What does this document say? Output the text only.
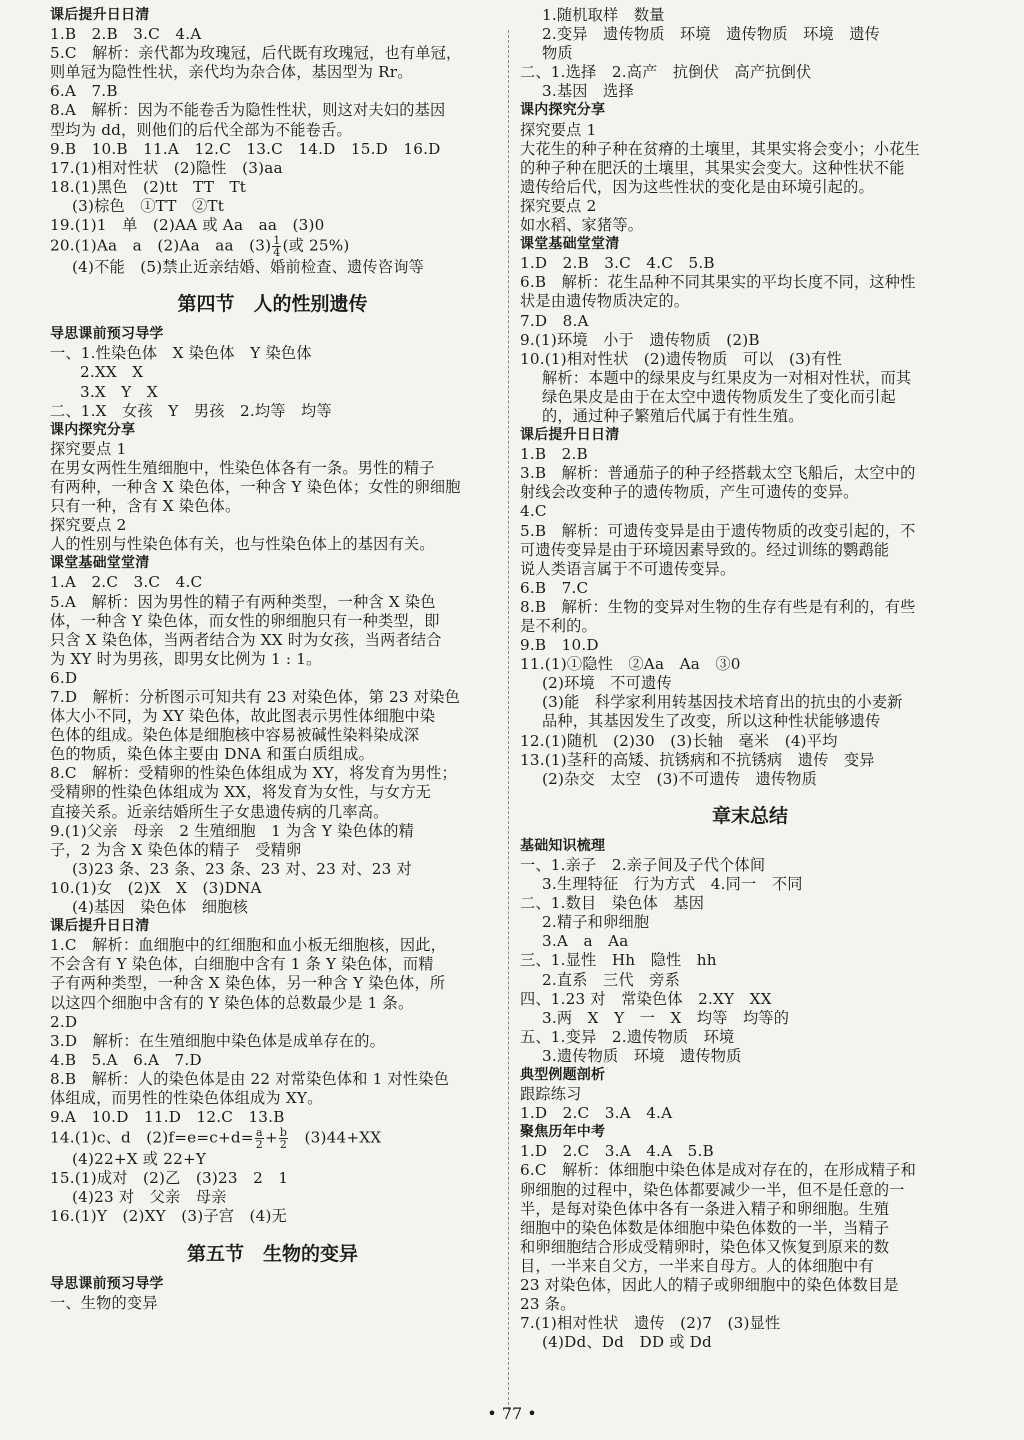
课后提升日日清
1.B　2.B　3.C　4.A
5.C　解析：亲代都为玫瑰冠，后代既有玫瑰冠，也有单冠，
则单冠为隐性性状，亲代均为杂合体，基因型为 Rr。
6.A　7.B
8.A　解析：因为不能卷舌为隐性性状，则这对夫妇的基因
型均为 dd，则他们的后代全部为不能卷舌。
9.B　10.B　11.A　12.C　13.C　14.D　15.D　16.D
17.(1)相对性状　(2)隐性　(3)aa
18.(1)黑色　(2)tt　TT　Tt
(3)棕色　①TT　②Tt
19.(1)1　单　(2)AA 或 Aa　aa　(3)0
20.(1)Aa　a　(2)Aa　aa　$(3) \frac{1}{4}$ (或 25%)
(4)不能　(5)禁止近亲结婚、婚前检查、遗传咨询等
第四节　人的性别遗传
导思课前预习导学
一、1.性染色体　X 染色体　Y 染色体
2.XX　X
3.X　Y　X
二、1.X　女孩　Y　男孩　2.均等　均等
课内探究分享
探究要点 1
在男女两性生殖细胞中，性染色体各有一条。男性的精子
有两种，一种含 X 染色体，一种含 Y 染色体；女性的卵细胞
只有一种，含有 X 染色体。
探究要点 2
人的性别与性染色体有关，也与性染色体上的基因有关。
课堂基础堂堂清
1.A　2.C　3.C　4.C
5.A　解析：因为男性的精子有两种类型，一种含 X 染色
体，一种含 Y 染色体，而女性的卵细胞只有一种类型，即
只含 X 染色体，当两者结合为 XX 时为女孩，当两者结合
为 XY 时为男孩，即男女比例为 1 : 1。
6.D
7.D　解析：分析图示可知共有 23 对染色体，第 23 对染色
体大小不同，为 XY 染色体，故此图表示男性体细胞中染
色体的组成。染色体是细胞核中容易被碱性染料染成深
色的物质，染色体主要由 DNA 和蛋白质组成。
8.C　解析：受精卵的性染色体组成为 XY，将发育为男性；
受精卵的性染色体组成为 XX，将发育为女性，与女方无
直接关系。近亲结婚所生子女患遗传病的几率高。
9.(1)父亲　母亲　2 生殖细胞　1 为含 Y 染色体的精
子，2 为含 X 染色体的精子　受精卵
(3)23 条、23 条、23 条、23 对、23 对、23 对
10.(1)女　(2)X　X　(3)DNA
(4)基因　染色体　细胞核
课后提升日日清
1.C　解析：血细胞中的红细胞和血小板无细胞核，因此，
不会含有 Y 染色体，白细胞中含有 1 条 Y 染色体，而精
子有两种类型，一种含 X 染色体，另一种含 Y 染色体，所
以这四个细胞中含有的 Y 染色体的总数最少是 1 条。
2.D
3.D　解析：在生殖细胞中染色体是成单存在的。
4.B　5.A　6.A　7.D
8.B　解析：人的染色体是由 22 对常染色体和 1 对性染色
体组成，而男性的性染色体组成为 XY。
9.A　10.D　11.D　12.C　13.B
14.(1)c、d　$(2)f=e=c+d= \frac{a}{2} + \frac{b}{2}$ 　(3)44+XX
(4)22+X 或 22+Y
15.(1)成对　(2)乙　(3)23　2　1
(4)23 对　父亲　母亲
16.(1)Y　(2)XY　(3)子宫　(4)无
第五节　生物的变异
导思课前预习导学
一、生物的变异
1.随机取样　数量
2.变异　遗传物质　环境　遗传物质　环境　遗传
物质
二、1.选择　2.高产　抗倒伏　高产抗倒伏
3.基因　选择
课内探究分享
探究要点 1
大花生的种子种在贫瘠的土壤里，其果实将会变小；小花生
的种子种在肥沃的土壤里，其果实会变大。这种性状不能
遗传给后代，因为这些性状的变化是由环境引起的。
探究要点 2
如水稻、家猪等。
课堂基础堂堂清
1.D　2.B　3.C　4.C　5.B
6.B　解析：花生品种不同其果实的平均长度不同，这种性
状是由遗传物质决定的。
7.D　8.A
9.(1)环境　小于　遗传物质　(2)B
10.(1)相对性状　(2)遗传物质　可以　(3)有性
解析：本题中的绿果皮与红果皮为一对相对性状，而其
绿色果皮是由于在太空中遗传物质发生了变化而引起
的，通过种子繁殖后代属于有性生殖。
课后提升日日清
1.B　2.B
3.B　解析：普通茄子的种子经搭载太空飞船后，太空中的
射线会改变种子的遗传物质，产生可遗传的变异。
4.C
5.B　解析：可遗传变异是由于遗传物质的改变引起的，不
可遗传变异是由于环境因素导致的。经过训练的鹦鹉能
说人类语言属于不可遗传变异。
6.B　7.C
8.B　解析：生物的变异对生物的生存有些是有利的，有些
是不利的。
9.B　10.D
11.(1)①隐性　②Aa　Aa　③0
(2)环境　不可遗传
(3)能　科学家利用转基因技术培育出的抗虫的小麦新
品种，其基因发生了改变，所以这种性状能够遗传
12.(1)随机　(2)30　(3)长轴　毫米　(4)平均
13.(1)茎秆的高矮、抗锈病和不抗锈病　遗传　变异
(2)杂交　太空　(3)不可遗传　遗传物质
章末总结
基础知识梳理
一、1.亲子　2.亲子间及子代个体间
3.生理特征　行为方式　4.同一　不同
二、1.数目　染色体　基因
2.精子和卵细胞
3.A　a　Aa
三、1.显性　Hh　隐性　hh
2.直系　三代　旁系
四、1.23 对　常染色体　2.XY　XX
3.两　X　Y　一　X　均等　均等的
五、1.变异　2.遗传物质　环境
3.遗传物质　环境　遗传物质
典型例题剖析
跟踪练习
1.D　2.C　3.A　4.A
聚焦历年中考
1.D　2.C　3.A　4.A　5.B
6.C　解析：体细胞中染色体是成对存在的，在形成精子和
卵细胞的过程中，染色体都要减少一半，但不是任意的一
半，是每对染色体中各有一条进入精子和卵细胞。生殖
细胞中的染色体数是体细胞中染色体数的一半，当精子
和卵细胞结合形成受精卵时，染色体又恢复到原来的数
目，一半来自父方，一半来自母方。人的体细胞中有
23 对染色体，因此人的精子或卵细胞中的染色体数目是
23 条。
7.(1)相对性状　遗传　(2)7　(3)显性
(4)Dd、Dd　DD 或 Dd
• 77 •
